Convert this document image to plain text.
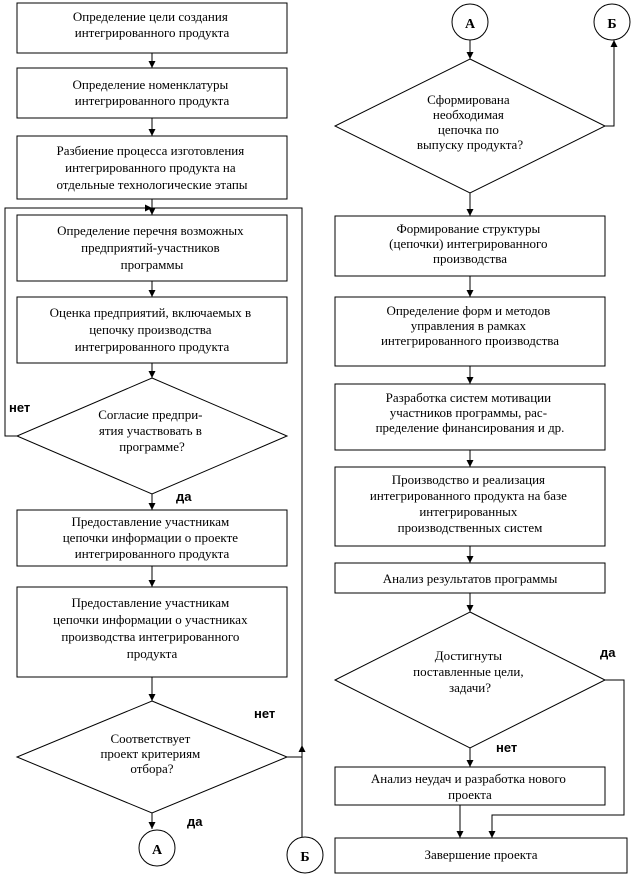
Определение цели создания интегрированного продукта
Определение номенклатуры интегрированного продукта
Разбиение процесса изготовления интегрированного продукта на отдельные технологические этапы
Определение перечня возможных предприятий-участников программы
Оценка предприятий, включаемых в цепочку производства интегрированного продукта
Согласие предпри- ятия участвовать в программе?
нет
да
Предоставление участникам цепочки информации о проекте интегрированного продукта
Предоставление участникам цепочки информации о участниках производства интегрированного продукта
Соответствует проект критериям отбора?
нет
да
А	Б
А	Б
Сформирована необходимая цепочка по выпуску продукта?
Формирование структуры (цепочки) интегрированного производства
Определение форм и методов управления в рамках интегрированного производства
Разработка систем мотивации участников программы, рас- пределение финансирования и др.
Производство и реализация интегрированного продукта на базе интегрированных производственных систем
Анализ результатов программы
Достигнуты поставленные цели, задачи?
да
нет
Анализ неудач и разработка нового проекта
Завершение проекта
